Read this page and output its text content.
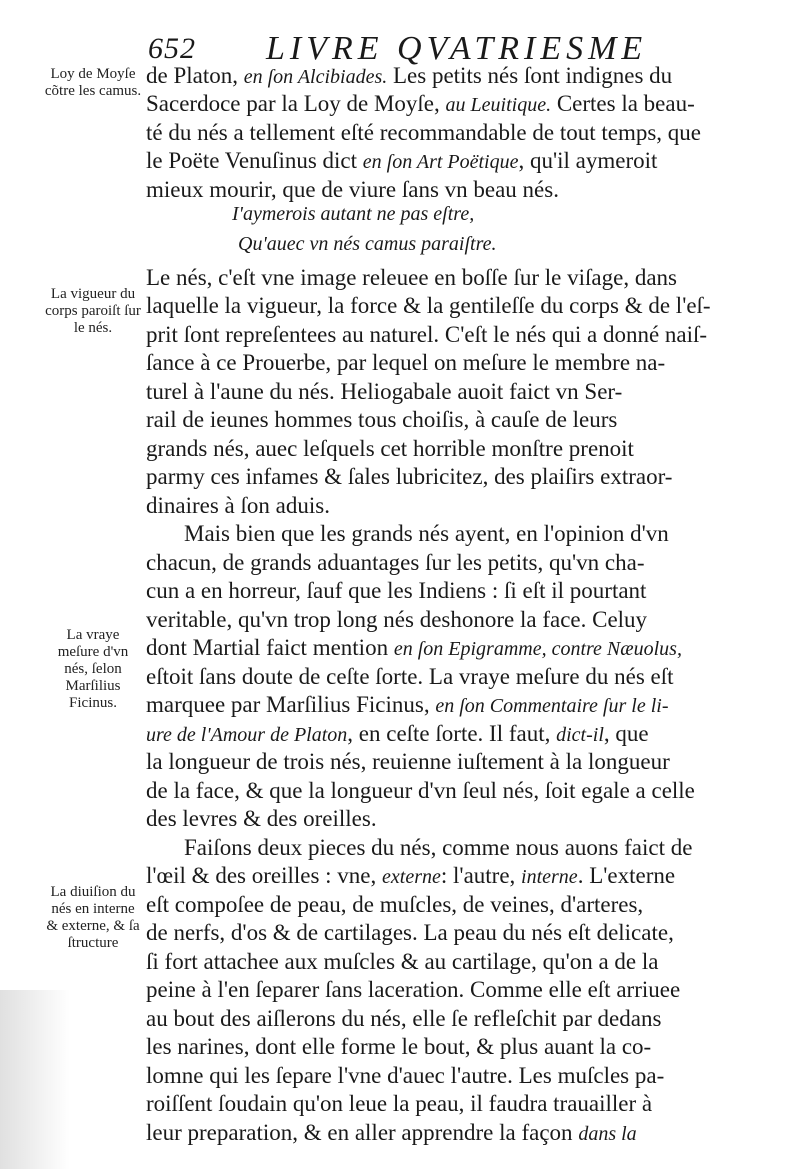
652 LIVRE QVATRIESME
Loy de Moyſe cõtre les camus.
La vigueur du corps paroiſt ſur le nés.
La vraye meſure d'vn nés, ſelon Marſilius Ficinus.
La diuiſion du nés en interne & externe, & ſa ſtructure
de Platon, en ſon Alcibiades. Les petits nés ſont indignes du
Sacerdoce par la Loy de Moyſe, au Leuitique. Certes la beau-
té du nés a tellement eſté recommandable de tout temps, que
le Poëte Venuſinus dict en ſon Art Poëtique, qu'il aymeroit
mieux mourir, que de viure ſans vn beau nés.
I'aymerois autant ne pas eſtre,
Qu'auec vn nés camus paraiſtre.
Le nés, c'eſt vne image releuee en boſſe ſur le viſage, dans
laquelle la vigueur, la force & la gentileſſe du corps & de l'eſ-
prit ſont repreſentees au naturel. C'eſt le nés qui a donné naiſ-
ſance à ce Prouerbe, par lequel on meſure le membre na-
turel à l'aune du nés. Heliogabale auoit faict vn Ser-
rail de ieunes hommes tous choiſis, à cauſe de leurs
grands nés, auec leſquels cet horrible monſtre prenoit
parmy ces infames & ſales lubricitez, des plaiſirs extraor-
dinaires à ſon aduis.
Mais bien que les grands nés ayent, en l'opinion d'vn
chacun, de grands aduantages ſur les petits, qu'vn cha-
cun a en horreur, ſauf que les Indiens : ſi eſt il pourtant
veritable, qu'vn trop long nés deshonore la face. Celuy
dont Martial faict mention en ſon Epigramme, contre Næuolus,
eſtoit ſans doute de ceſte ſorte. La vraye meſure du nés eſt
marquee par Marſilius Ficinus, en ſon Commentaire ſur le li-
ure de l'Amour de Platon, en ceſte ſorte. Il faut, dict-il, que
la longueur de trois nés, reuienne iuſtement à la longueur
de la face, & que la longueur d'vn ſeul nés, ſoit egale a celle
des levres & des oreilles.
Faiſons deux pieces du nés, comme nous auons faict de
l'œil & des oreilles : vne, externe: l'autre, interne. L'externe
eſt compoſee de peau, de muſcles, de veines, d'arteres,
de nerfs, d'os & de cartilages. La peau du nés eſt delicate,
ſi fort attachee aux muſcles & au cartilage, qu'on a de la
peine à l'en ſeparer ſans laceration. Comme elle eſt arriuee
au bout des aiſlerons du nés, elle ſe refleſchit par dedans
les narines, dont elle forme le bout, & plus auant la co-
lomne qui les ſepare l'vne d'auec l'autre. Les muſcles pa-
roiſſent ſoudain qu'on leue la peau, il faudra trauailler à
leur preparation, & en aller apprendre la façon dans la
